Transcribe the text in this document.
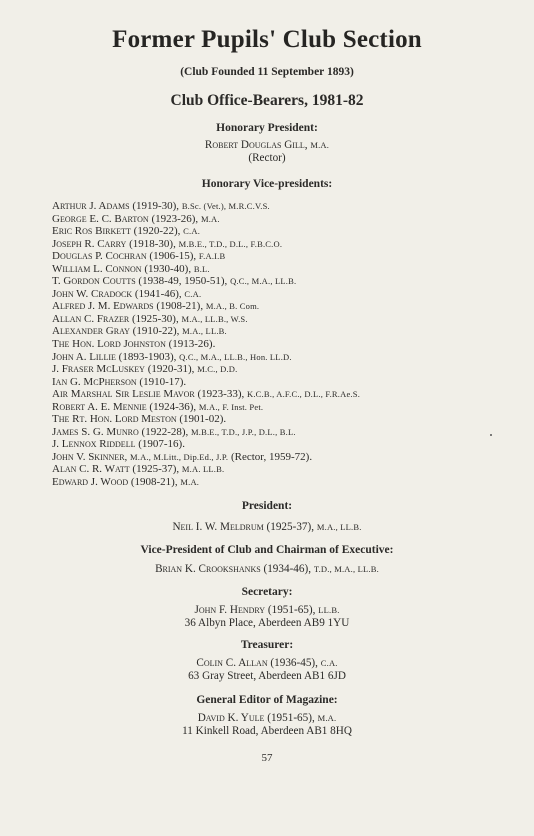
Former Pupils' Club Section
(Club Founded 11 September 1893)
Club Office-Bearers, 1981-82
Honorary President:
Robert Douglas Gill, M.A.
(Rector)
Honorary Vice-presidents:
Arthur J. Adams (1919-30), B.Sc. (Vet.), M.R.C.V.S.
George E. C. Barton (1923-26), M.A.
Eric Ros Birkett (1920-22), C.A.
Joseph R. Carry (1918-30), M.B.E., T.D., D.L., F.B.C.O.
Douglas P. Cochran (1906-15), F.A.I.B
William L. Connon (1930-40), B.L.
T. Gordon Coutts (1938-49, 1950-51), Q.C., M.A., LL.B.
John W. Cradock (1941-46), C.A.
Alfred J. M. Edwards (1908-21), M.A., B. Com.
Allan C. Frazer (1925-30), M.A., LL.B., W.S.
Alexander Gray (1910-22), M.A., LL.B.
The Hon. Lord Johnston (1913-26).
John A. Lillie (1893-1903), Q.C., M.A., LL.B., Hon. LL.D.
J. Fraser McLuskey (1920-31), M.C., D.D.
Ian G. McPherson (1910-17).
Air Marshal Sir Leslie Mavor (1923-33), K.C.B., A.F.C., D.L., F.R.Ae.S.
Robert A. E. Mennie (1924-36), M.A., F. Inst. Pet.
The Rt. Hon. Lord Meston (1901-02).
James S. G. Munro (1922-28), M.B.E., T.D., J.P., D.L., B.L.
J. Lennox Riddell (1907-16).
John V. Skinner, M.A., M.Litt., Dip.Ed., J.P. (Rector, 1959-72).
Alan C. R. Watt (1925-37), M.A. LL.B.
Edward J. Wood (1908-21), M.A.
President:
Neil I. W. Meldrum (1925-37), M.A., LL.B.
Vice-President of Club and Chairman of Executive:
Brian K. Crookshanks (1934-46), T.D., M.A., LL.B.
Secretary:
John F. Hendry (1951-65), LL.B.
36 Albyn Place, Aberdeen AB9 1YU
Treasurer:
Colin C. Allan (1936-45), C.A.
63 Gray Street, Aberdeen AB1 6JD
General Editor of Magazine:
David K. Yule (1951-65), M.A.
11 Kinkell Road, Aberdeen AB1 8HQ
57
